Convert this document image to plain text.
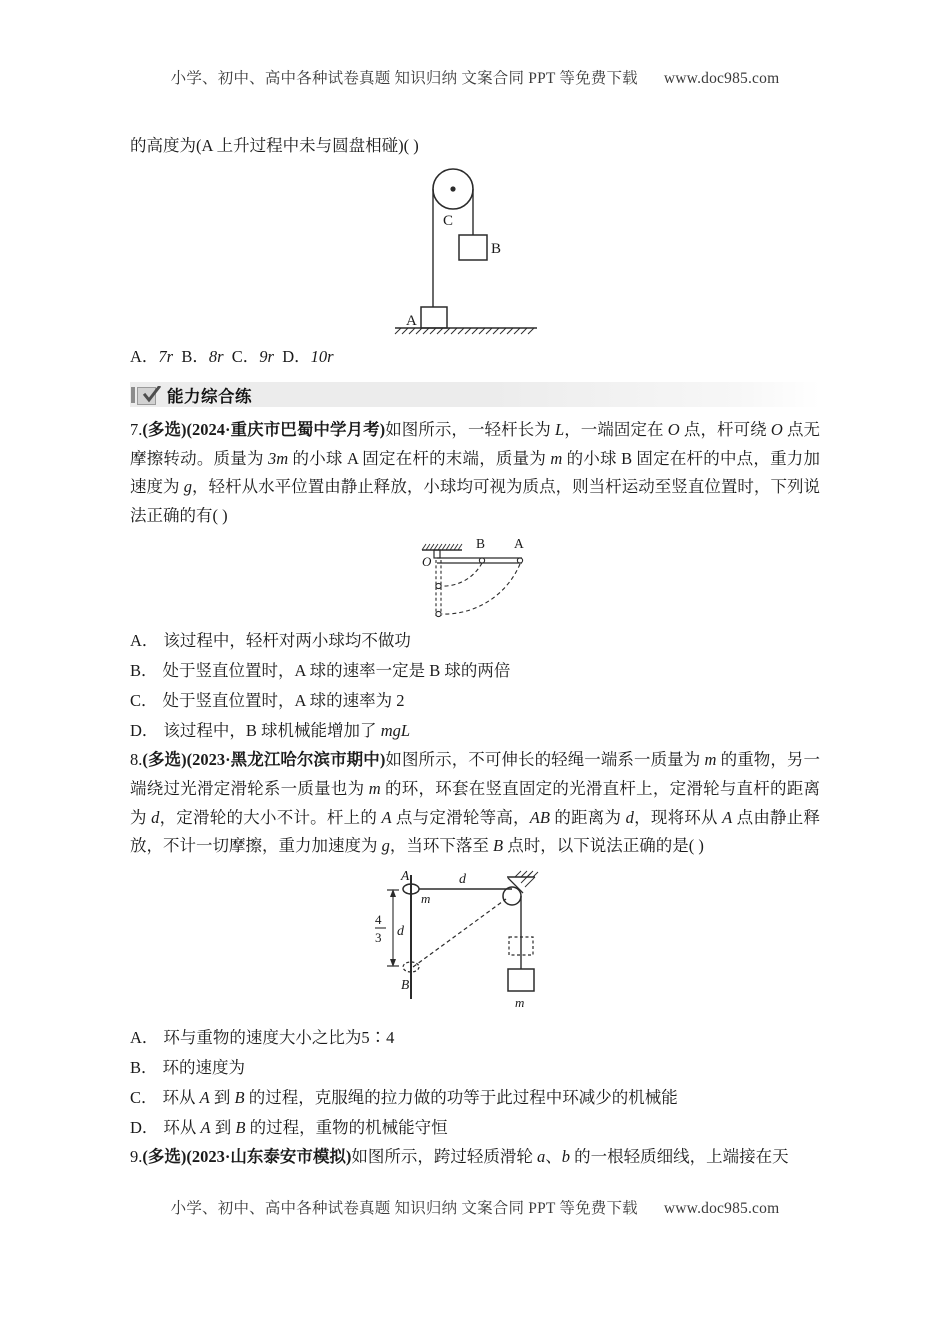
小学、初中、高中各种试卷真题 知识归纳 文案合同 PPT 等免费下载 www.doc985.com

的高度为(A 上升过程中未与圆盘相碰)( )

C
B
A

A．7r B．8r C．9r D．10r

能力综合练

7.(多选)(2024·重庆市巴蜀中学月考)如图所示，一轻杆长为 L，一端固定在 O 点，杆可绕 O 点无摩擦转动。质量为 3m 的小球 A 固定在杆的末端，质量为 m 的小球 B 固定在杆的中点，重力加速度为 g，轻杆从水平位置由静止释放，小球均可视为质点，则当杆运动至竖直位置时，下列说法正确的有( )

O
B A

A． 该过程中，轻杆对两小球均不做功

B． 处于竖直位置时，A 球的速率一定是 B 球的两倍

C． 处于竖直位置时，A 球的速率为 2

D． 该过程中，B 球机械能增加了 mgL

8.(多选)(2023·黑龙江哈尔滨市期中)如图所示，不可伸长的轻绳一端系一质量为 m 的重物，另一端绕过光滑定滑轮系一质量也为 m 的环，环套在竖直固定的光滑直杆上，定滑轮与直杆的距离为 d，定滑轮的大小不计。杆上的 A 点与定滑轮等高，AB 的距离为 d，现将环从 A 点由静止释放，不计一切摩擦，重力加速度为 g，当环下落至 B 点时，以下说法正确的是( )

4
3 d
d
A
B
m
m

A． 环与重物的速度大小之比为5∶4

B． 环的速度为

C． 环从 A 到 B 的过程，克服绳的拉力做的功等于此过程中环减少的机械能

D． 环从 A 到 B 的过程，重物的机械能守恒

9.(多选)(2023·山东泰安市模拟)如图所示，跨过轻质滑轮 a、b 的一根轻质细线，上端接在天

小学、初中、高中各种试卷真题 知识归纳 文案合同 PPT 等免费下载 www.doc985.com
